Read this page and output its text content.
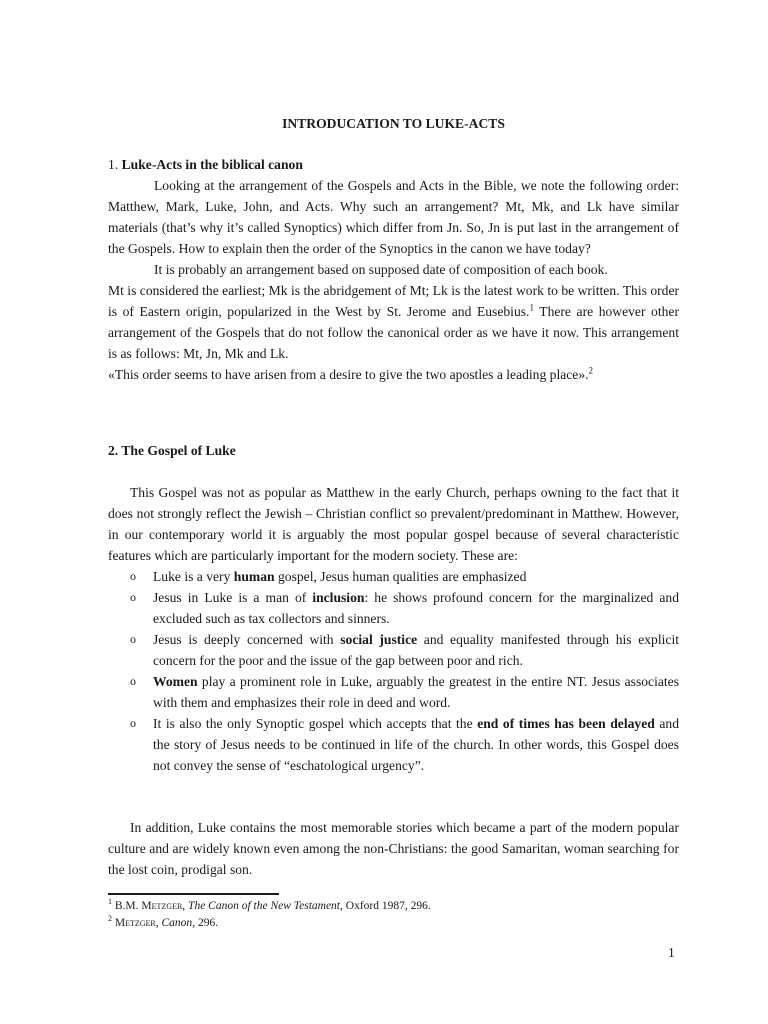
INTRODUCATION TO LUKE-ACTS

1. Luke-Acts in the biblical canon

Looking at the arrangement of the Gospels and Acts in the Bible, we note the following order: Matthew, Mark, Luke, John, and Acts. Why such an arrangement? Mt, Mk, and Lk have similar materials (that’s why it’s called Synoptics) which differ from Jn. So, Jn is put last in the arrangement of the Gospels. How to explain then the order of the Synoptics in the canon we have today?

It is probably an arrangement based on supposed date of composition of each book.

Mt is considered the earliest; Mk is the abridgement of Mt; Lk is the latest work to be written. This order is of Eastern origin, popularized in the West by St. Jerome and Eusebius.$^1$ There are however other arrangement of the Gospels that do not follow the canonical order as we have it now. This arrangement is as follows: Mt, Jn, Mk and Lk.

«This order seems to have arisen from a desire to give the two apostles a leading place».$^2$

2. The Gospel of Luke

This Gospel was not as popular as Matthew in the early Church, perhaps owning to the fact that it does not strongly reflect the Jewish – Christian conflict so prevalent/predominant in Matthew. However, in our contemporary world it is arguably the most popular gospel because of several characteristic features which are particularly important for the modern society. These are:

o Luke is a very human gospel, Jesus human qualities are emphasized
o Jesus in Luke is a man of inclusion: he shows profound concern for the marginalized and excluded such as tax collectors and sinners.
o Jesus is deeply concerned with social justice and equality manifested through his explicit concern for the poor and the issue of the gap between poor and rich.
o Women play a prominent role in Luke, arguably the greatest in the entire NT. Jesus associates with them and emphasizes their role in deed and word.
o It is also the only Synoptic gospel which accepts that the end of times has been delayed and the story of Jesus needs to be continued in life of the church. In other words, this Gospel does not convey the sense of “eschatological urgency”.

In addition, Luke contains the most memorable stories which became a part of the modern popular culture and are widely known even among the non-Christians: the good Samaritan, woman searching for the lost coin, prodigal son.

$^1$ B.M. Metzger, The Canon of the New Testament, Oxford 1987, 296.
$^2$ Metzger, Canon, 296.
1
